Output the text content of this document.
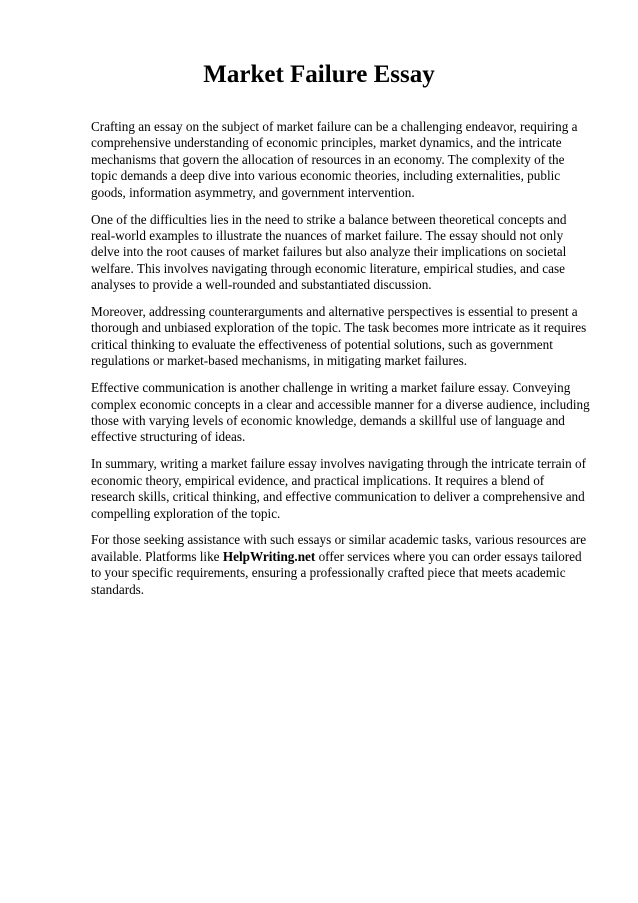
Market Failure Essay

Crafting an essay on the subject of market failure can be a challenging endeavor, requiring a comprehensive understanding of economic principles, market dynamics, and the intricate mechanisms that govern the allocation of resources in an economy. The complexity of the topic demands a deep dive into various economic theories, including externalities, public goods, information asymmetry, and government intervention.

One of the difficulties lies in the need to strike a balance between theoretical concepts and real-world examples to illustrate the nuances of market failure. The essay should not only delve into the root causes of market failures but also analyze their implications on societal welfare. This involves navigating through economic literature, empirical studies, and case analyses to provide a well-rounded and substantiated discussion.

Moreover, addressing counterarguments and alternative perspectives is essential to present a thorough and unbiased exploration of the topic. The task becomes more intricate as it requires critical thinking to evaluate the effectiveness of potential solutions, such as government regulations or market-based mechanisms, in mitigating market failures.

Effective communication is another challenge in writing a market failure essay. Conveying complex economic concepts in a clear and accessible manner for a diverse audience, including those with varying levels of economic knowledge, demands a skillful use of language and effective structuring of ideas.

In summary, writing a market failure essay involves navigating through the intricate terrain of economic theory, empirical evidence, and practical implications. It requires a blend of research skills, critical thinking, and effective communication to deliver a comprehensive and compelling exploration of the topic.

For those seeking assistance with such essays or similar academic tasks, various resources are available. Platforms like HelpWriting.net offer services where you can order essays tailored to your specific requirements, ensuring a professionally crafted piece that meets academic standards.
